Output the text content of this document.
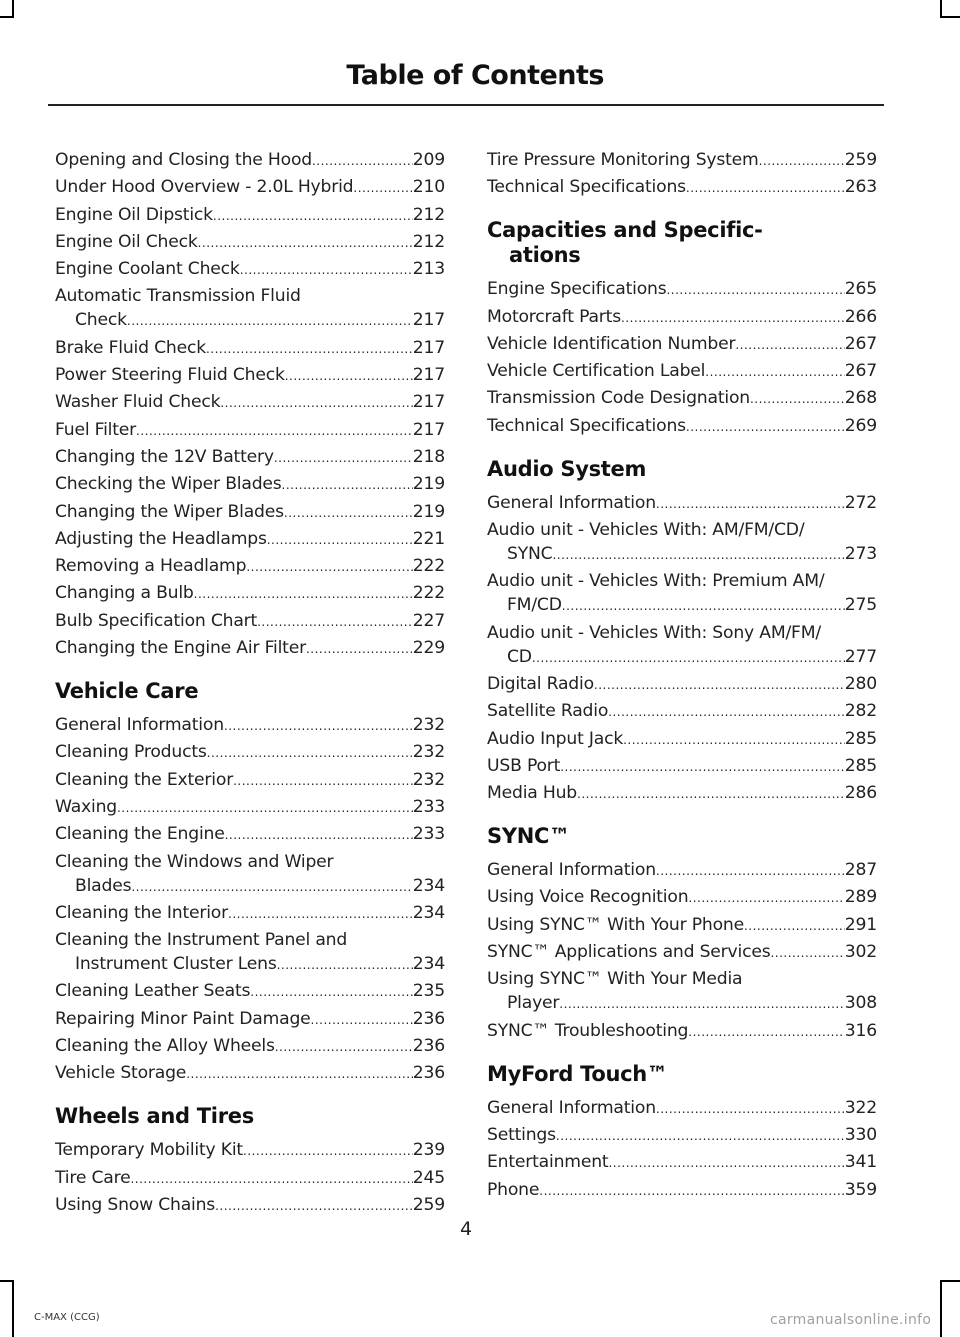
Table of Contents
Opening and Closing the Hood .....	209
Under Hood Overview - 2.0L Hybrid .....	210
Engine Oil Dipstick .....	212
Engine Oil Check .....	212
Engine Coolant Check .....	213
Automatic Transmission Fluid
Check .....	217
Brake Fluid Check .....	217
Power Steering Fluid Check .....	217
Washer Fluid Check .....	217
Fuel Filter .....	217
Changing the 12V Battery .....	218
Checking the Wiper Blades .....	219
Changing the Wiper Blades .....	219
Adjusting the Headlamps .....	221
Removing a Headlamp .....	222
Changing a Bulb .....	222
Bulb Specification Chart .....	227
Changing the Engine Air Filter .....	229
Vehicle Care
General Information .....	232
Cleaning Products .....	232
Cleaning the Exterior .....	232
Waxing .....	233
Cleaning the Engine .....	233
Cleaning the Windows and Wiper
Blades .....	234
Cleaning the Interior .....	234
Cleaning the Instrument Panel and
Instrument Cluster Lens .....	234
Cleaning Leather Seats .....	235
Repairing Minor Paint Damage .....	236
Cleaning the Alloy Wheels .....	236
Vehicle Storage .....	236
Wheels and Tires
Temporary Mobility Kit .....	239
Tire Care .....	245
Using Snow Chains .....	259
Tire Pressure Monitoring System .....	259
Technical Specifications .....	263
Capacities and Specific-
ations
Engine Specifications .....	265
Motorcraft Parts .....	266
Vehicle Identification Number .....	267
Vehicle Certification Label .....	267
Transmission Code Designation .....	268
Technical Specifications .....	269
Audio System
General Information .....	272
Audio unit - Vehicles With: AM/FM/CD/
SYNC .....	273
Audio unit - Vehicles With: Premium AM/
FM/CD .....	275
Audio unit - Vehicles With: Sony AM/FM/
CD .....	277
Digital Radio .....	280
Satellite Radio .....	282
Audio Input Jack .....	285
USB Port .....	285
Media Hub .....	286
SYNC™
General Information .....	287
Using Voice Recognition .....	289
Using SYNC™ With Your Phone .....	291
SYNC™ Applications and Services .....	302
Using SYNC™ With Your Media
Player .....	308
SYNC™ Troubleshooting .....	316
MyFord Touch™
General Information .....	322
Settings .....	330
Entertainment .....	341
Phone .....	359
4
C-MAX (CCG)	carmanualsonline.info
